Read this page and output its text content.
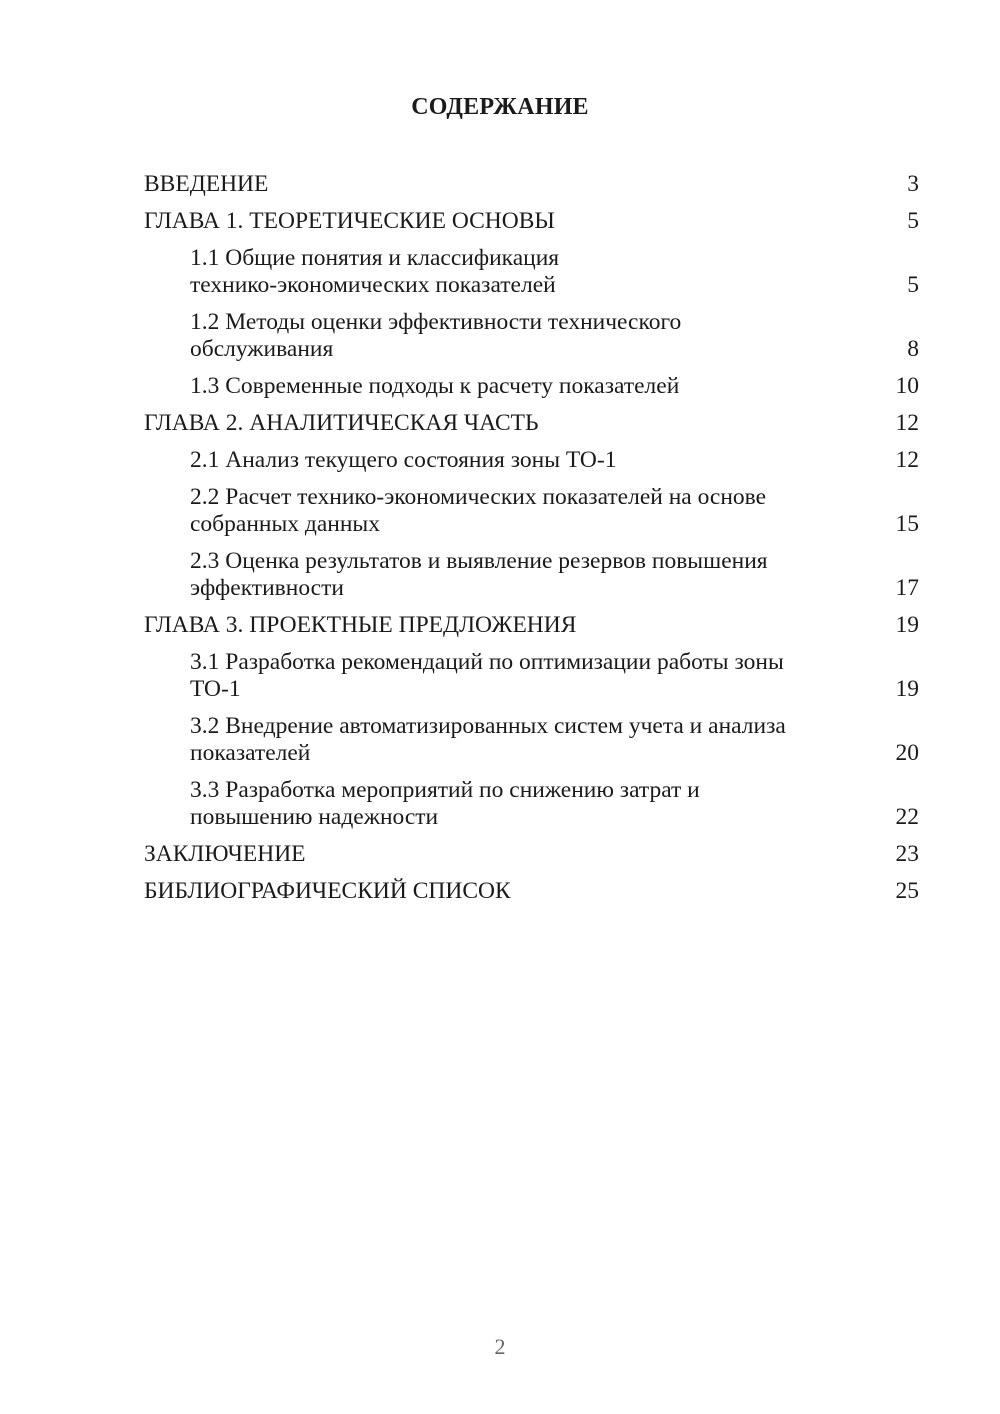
СОДЕРЖАНИЕ
ВВЕДЕНИЕ	3
ГЛАВА 1. ТЕОРЕТИЧЕСКИЕ ОСНОВЫ	5
1.1 Общие понятия и классификация технико-экономических показателей	5
1.2 Методы оценки эффективности технического обслуживания	8
1.3 Современные подходы к расчету показателей	10
ГЛАВА 2. АНАЛИТИЧЕСКАЯ ЧАСТЬ	12
2.1 Анализ текущего состояния зоны ТО-1	12
2.2 Расчет технико-экономических показателей на основе собранных данных	15
2.3 Оценка результатов и выявление резервов повышения эффективности	17
ГЛАВА 3. ПРОЕКТНЫЕ ПРЕДЛОЖЕНИЯ	19
3.1 Разработка рекомендаций по оптимизации работы зоны ТО-1	19
3.2 Внедрение автоматизированных систем учета и анализа показателей	20
3.3 Разработка мероприятий по снижению затрат и повышению надежности	22
ЗАКЛЮЧЕНИЕ	23
БИБЛИОГРАФИЧЕСКИЙ СПИСОК	25
2
